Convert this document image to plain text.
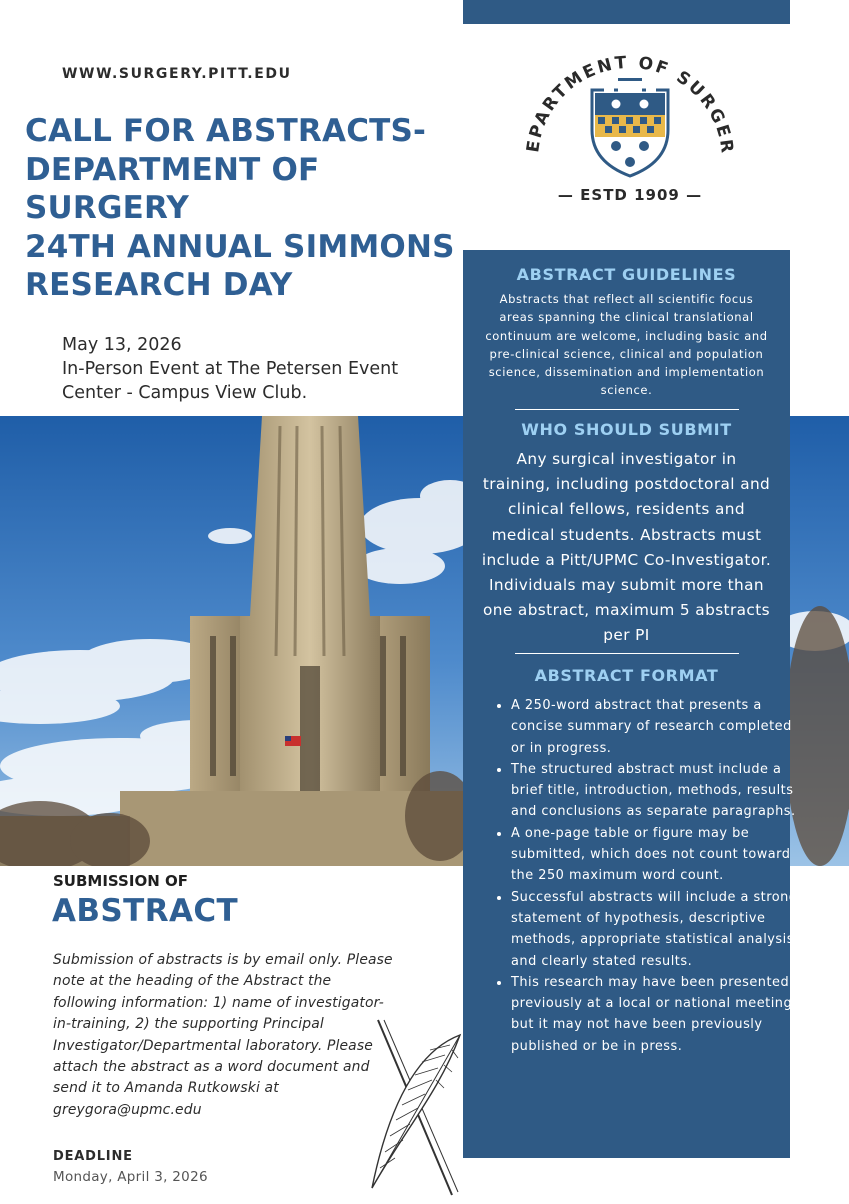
WWW.SURGERY.PITT.EDU
CALL FOR ABSTRACTS-
DEPARTMENT OF
SURGERY
24TH ANNUAL SIMMONS
RESEARCH DAY
May 13, 2026
In-Person Event at The Petersen Event
Center - Campus View Club.
EPARTMENT OF SURGER
— ESTD 1909 —
ABSTRACT GUIDELINES
Abstracts that reflect all scientific focus areas spanning the clinical translational continuum are welcome, including basic and pre-clinical science, clinical and population science, dissemination and implementation science.
WHO SHOULD SUBMIT
Any surgical investigator in training, including postdoctoral and clinical fellows, residents and medical students. Abstracts must include a Pitt/UPMC Co-Investigator. Individuals may submit more than one abstract, maximum 5 abstracts per PI
ABSTRACT FORMAT
• A 250-word abstract that presents a concise summary of research completed or in progress.
• The structured abstract must include a brief title, introduction, methods, results and conclusions as separate paragraphs.
• A one-page table or figure may be submitted, which does not count toward the 250 maximum word count.
• Successful abstracts will include a strong statement of hypothesis, descriptive methods, appropriate statistical analysis and clearly stated results.
• This research may have been presented previously at a local or national meeting, but it may not have been previously published or be in press.
SUBMISSION OF
ABSTRACT
Submission of abstracts is by email only. Please note at the heading of the Abstract the following information: 1) name of investigator-in-training, 2) the supporting Principal Investigator/Departmental laboratory. Please attach the abstract as a word document and send it to Amanda Rutkowski at greygora@upmc.edu
DEADLINE
Monday, April 3, 2026
